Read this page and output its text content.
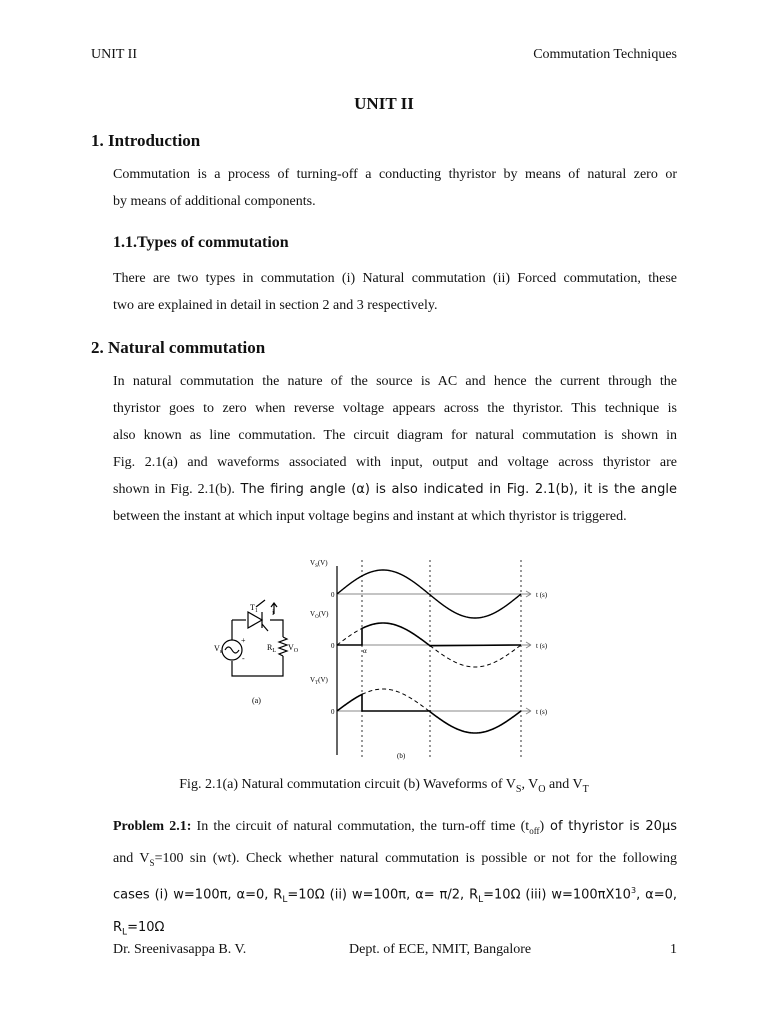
UNIT II	Commutation Techniques
UNIT II
1. Introduction
Commutation is a process of turning-off a conducting thyristor by means of natural zero or
by means of additional components.
1.1.Types of commutation
There are two types in commutation (i) Natural commutation (ii) Forced commutation, these
two are explained in detail in section 2 and 3 respectively.
2. Natural commutation
In natural commutation the nature of the source is AC and hence the current through the
thyristor goes to zero when reverse voltage appears across the thyristor. This technique is
also known as line commutation. The circuit diagram for natural commutation is shown in
Fig. 2.1(a) and waveforms associated with input, output and voltage across thyristor are
shown in Fig. 2.1(b). The firing angle (α) is also indicated in Fig. 2.1(b), it is the angle
between the instant at which input voltage begins and instant at which thyristor is triggered.
$T_1$ i
$V_s$
+
-
$R_L$ $V_O$
(a)
$V_S(V)$
0	t (s)
$V_O(V)$
0
α
t (s)
$V_T(V)$
0	t (s)
(b)
Fig. 2.1(a) Natural commutation circuit (b) Waveforms of $V_S$, $V_O$ and $V_T$
Problem 2.1: In the circuit of natural commutation, the turn-off time $(t_{off})$ of thyristor is 20μs
and $V_S=100$ sin (wt). Check whether natural commutation is possible or not for the following
cases (i) w=100π, α=0, $R_L=10\Omega$ (ii) w=100π, α= π/2, $R_L=10\Omega$ (iii) $w=100\pi X10^3$, α=0,
$R_L=10\Omega$
Dr. Sreenivasappa B. V.	Dept. of ECE, NMIT, Bangalore	1
